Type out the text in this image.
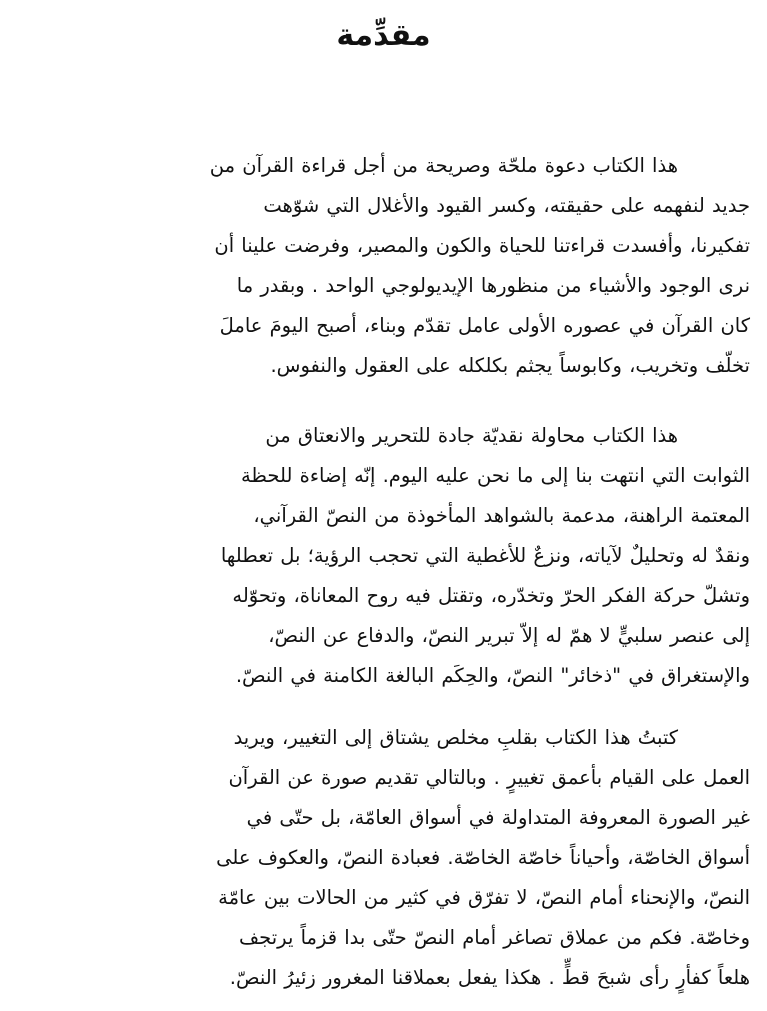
مقدِّمة

هذا الكتاب دعوة ملحّة وصريحة من أجل قراءة القرآن من
جديد لنفهمه على حقيقته، وكسر القيود والأغلال التي شوّهت
تفكيرنا، وأفسدت قراءتنا للحياة والكون والمصير، وفرضت علينا أن
نرى الوجود والأشياء من منظورها الإيديولوجي الواحد . وبقدر ما
كان القرآن في عصوره الأولى عامل تقدّم وبناء، أصبح اليومَ عاملَ
تخلّف وتخريب، وكابوساً يجثم بكلكله على العقول والنفوس.

هذا الكتاب محاولة نقديّة جادة للتحرير والانعتاق من
الثوابت التي انتهت بنا إلى ما نحن عليه اليوم. إنّه إضاءة للحظة
المعتمة الراهنة، مدعمة بالشواهد المأخوذة من النصّ القرآني،
ونقدٌ له وتحليلٌ لآياته، ونزعٌ للأغطية التي تحجب الرؤية؛ بل تعطلها
وتشلّ حركة الفكر الحرّ وتخدّره، وتقتل فيه روح المعاناة، وتحوّله
إلى عنصر سلبيٍّ لا همّ له إلاّ تبرير النصّ، والدفاع عن النصّ،
والإستغراق في "ذخائر" النصّ، والحِكَم البالغة الكامنة في النصّ.

كتبتُ هذا الكتاب بقلبِ مخلص يشتاق إلى التغيير، ويريد
العمل على القيام بأعمق تغييرٍ . وبالتالي تقديم صورة عن القرآن
غير الصورة المعروفة المتداولة في أسواق العامّة، بل حتّى في
أسواق الخاصّة، وأحياناً خاصّة الخاصّة. فعبادة النصّ، والعكوف على
النصّ، والإنحناء أمام النصّ، لا تفرّق في كثير من الحالات بين عامّة
وخاصّة. فكم من عملاق تصاغر أمام النصّ حتّى بدا قزماً يرتجف
هلعاً كفأرٍ رأى شبحَ قطٍّ . هكذا يفعل بعملاقنا المغرور زئيرُ النصّ.
